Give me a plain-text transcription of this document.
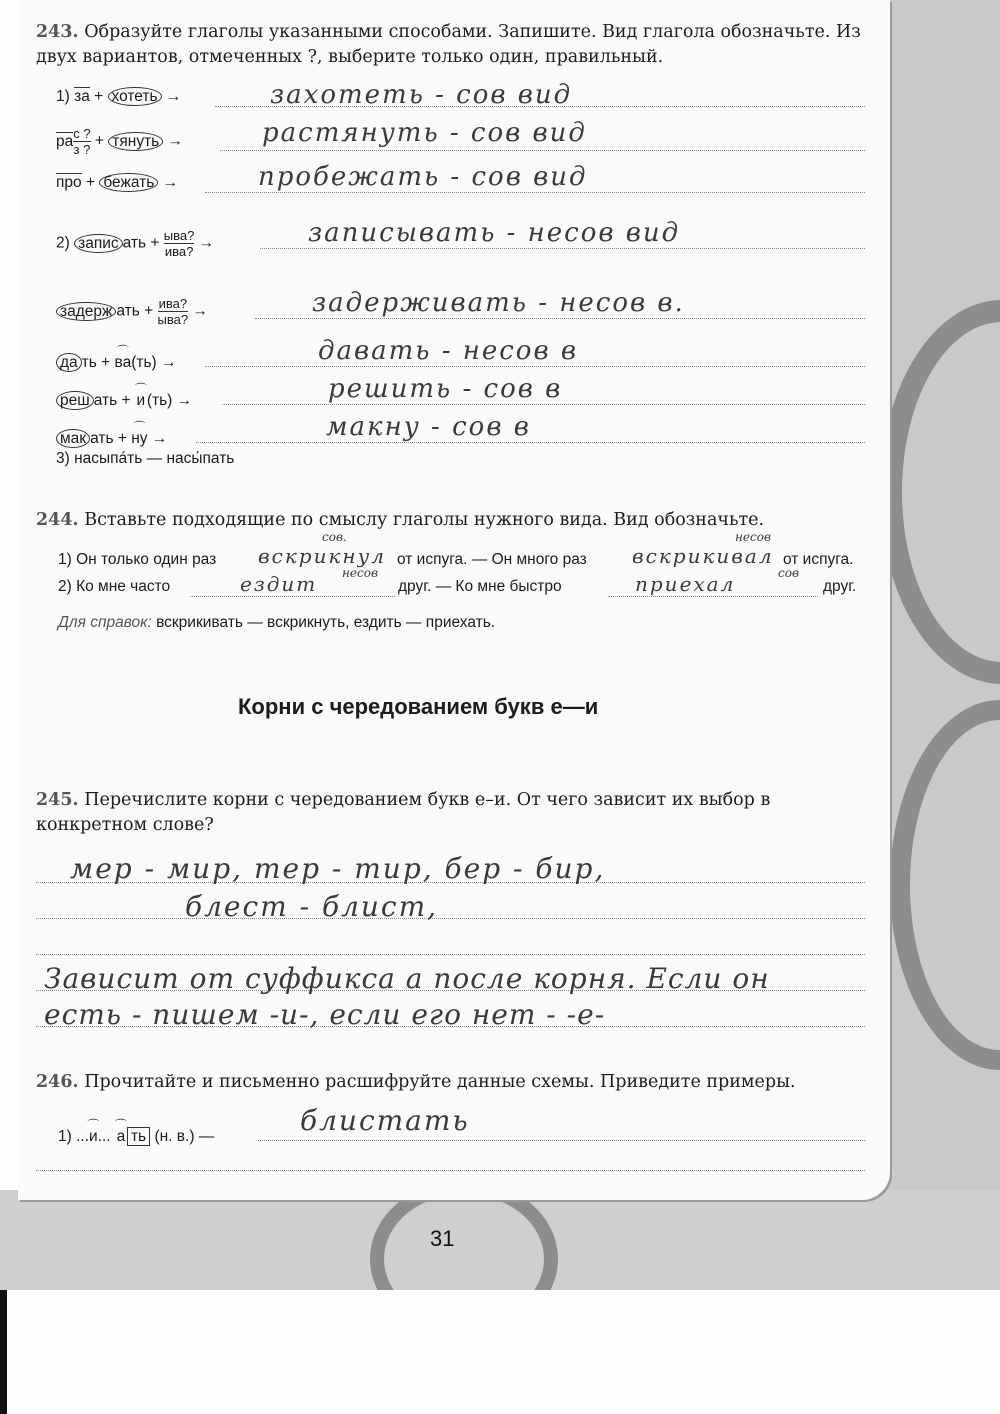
243. Образуйте глаголы указанными способами. Запишите. Вид глагола обозначьте. Из двух вариантов, отмеченных ?, выберите только один, правильный.
1) за + хотеть →	захотеть - сов вид
ра $\frac{с ?}{з ?}$ + тянуть →	растянуть - сов вид
про + бежать →	пробежать - сов вид
2) запис ать + $\frac{\text{ыва?}}{\text{ива?}}$ →	записывать - несов вид
задерж ать + $\frac{\text{ива?}}{\text{ыва?}}$ →	задерживать - несов в.
да ть + ⌒ ва(ть) →	давать - несов в
реш ать + ⌒ и (ть) →	решить - сов в
мак ать + ⌒ ну →	макну - сов в
3) насыпа́ть — насы́пать
244. Вставьте подходящие по смыслу глаголы нужного вида. Вид обозначьте.
1) Он только один раз вскрикнул
сов.
от испуга. — Он много раз вскрикивал
несов
от испуга.
2) Ко мне часто	ездит несов
друг. — Ко мне быстро	приехал	сов
друг.
Для справок: вскрикивать — вскрикнуть, ездить — приехать.
Корни с чередованием букв е—и
245. Перечислите корни с чередованием букв е–и. От чего зависит их выбор в конкретном слове?
мер - мир, тер - тир, бер - бир,
блест - блист,
Зависит от суффикса а после корня. Если он
есть - пишем -и-, если его нет - -е-
246. Прочитайте и письменно расшифруйте данные схемы. Приведите примеры.
1) ⌒ ...и... ⌒ а ть (н. в.) —	блистать
31
